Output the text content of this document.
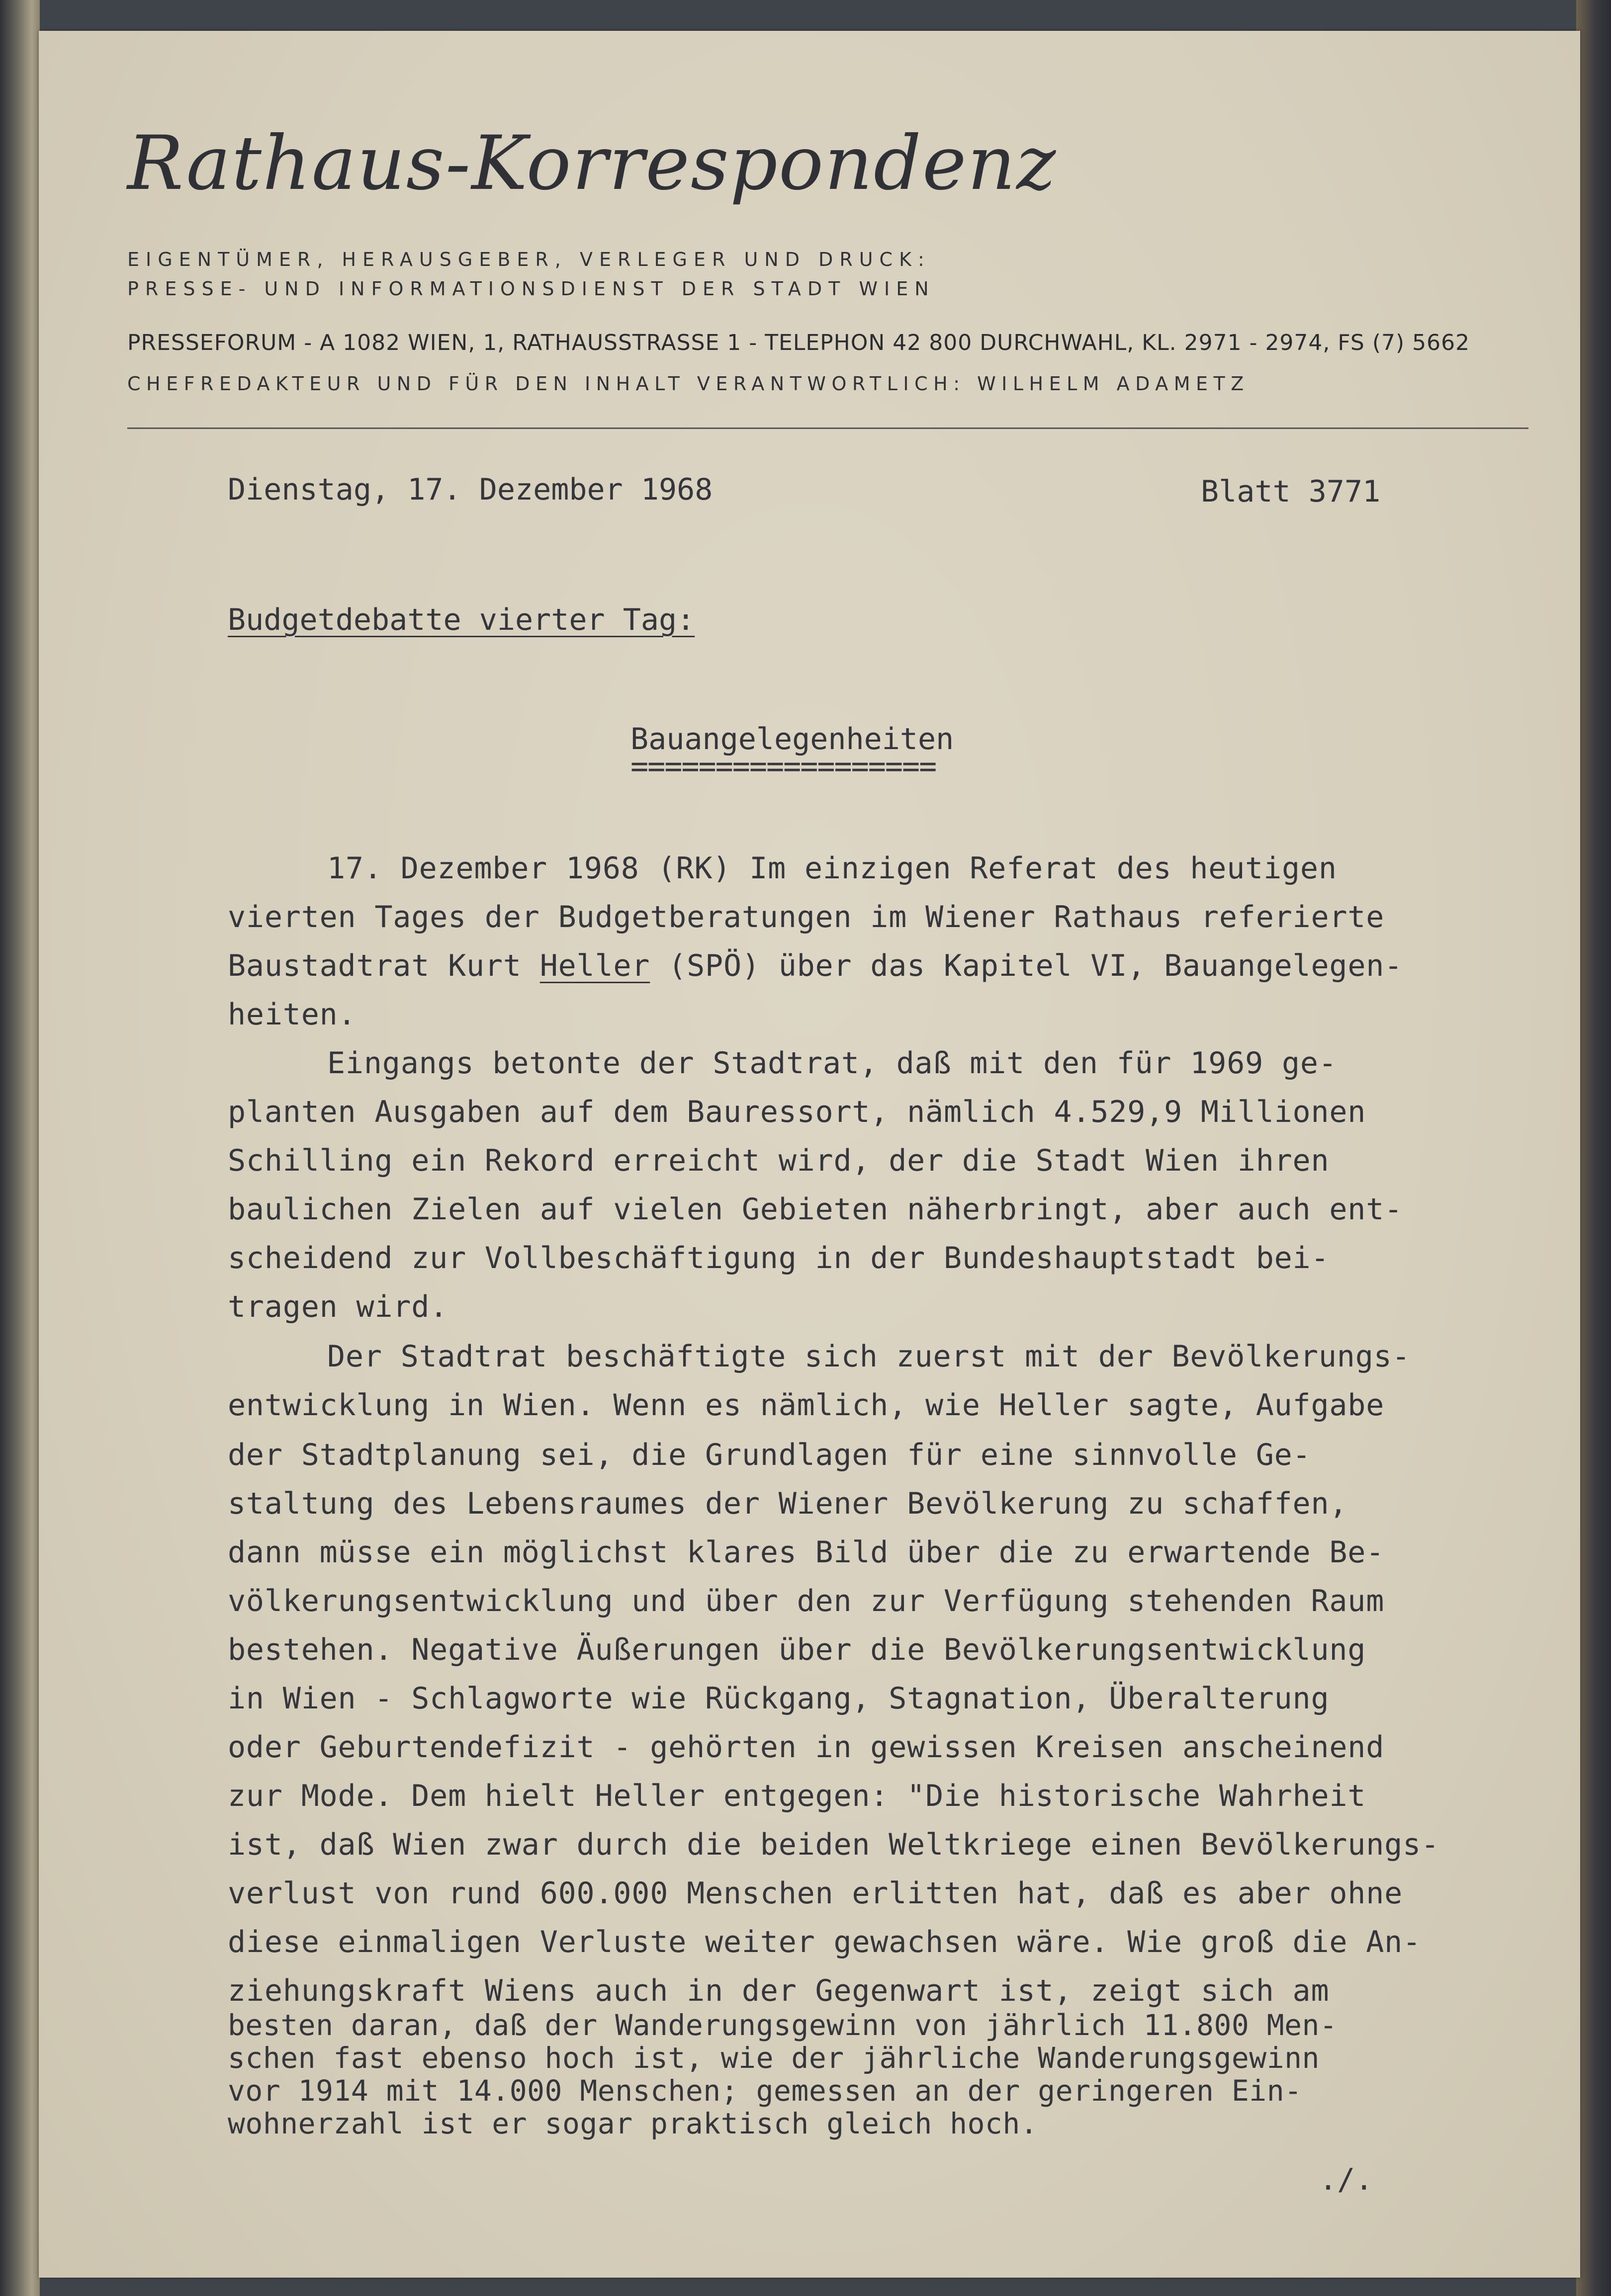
Rathaus-Korrespondenz
EIGENTÜMER, HERAUSGEBER, VERLEGER UND DRUCK:
PRESSE- UND INFORMATIONSDIENST DER STADT WIEN
PRESSEFORUM - A 1082 WIEN, 1, RATHAUSSTRASSE 1 - TELEPHON 42 800 DURCHWAHL, KL. 2971 - 2974, FS (7) 5662
CHEFREDAKTEUR UND FÜR DEN INHALT VERANTWORTLICH: WILHELM ADAMETZ
Dienstag, 17. Dezember 1968	Blatt 3771
Budgetdebatte vierter Tag:
Bauangelegenheiten
==================
17. Dezember 1968 (RK) Im einzigen Referat des heutigen
vierten Tages der Budgetberatungen im Wiener Rathaus referierte
Baustadtrat Kurt Heller (SPÖ) über das Kapitel VI, Bauangelegen-
heiten.
Eingangs betonte der Stadtrat, daß mit den für 1969 ge-
planten Ausgaben auf dem Bauressort, nämlich 4.529,9 Millionen
Schilling ein Rekord erreicht wird, der die Stadt Wien ihren
baulichen Zielen auf vielen Gebieten näherbringt, aber auch ent-
scheidend zur Vollbeschäftigung in der Bundeshauptstadt bei-
tragen wird.
Der Stadtrat beschäftigte sich zuerst mit der Bevölkerungs-
entwicklung in Wien. Wenn es nämlich, wie Heller sagte, Aufgabe
der Stadtplanung sei, die Grundlagen für eine sinnvolle Ge-
staltung des Lebensraumes der Wiener Bevölkerung zu schaffen,
dann müsse ein möglichst klares Bild über die zu erwartende Be-
völkerungsentwicklung und über den zur Verfügung stehenden Raum
bestehen. Negative Äußerungen über die Bevölkerungsentwicklung
in Wien - Schlagworte wie Rückgang, Stagnation, Überalterung
oder Geburtendefizit - gehörten in gewissen Kreisen anscheinend
zur Mode. Dem hielt Heller entgegen: "Die historische Wahrheit
ist, daß Wien zwar durch die beiden Weltkriege einen Bevölkerungs-
verlust von rund 600.000 Menschen erlitten hat, daß es aber ohne
diese einmaligen Verluste weiter gewachsen wäre. Wie groß die An-
ziehungskraft Wiens auch in der Gegenwart ist, zeigt sich am
besten daran, daß der Wanderungsgewinn von jährlich 11.800 Men-
schen fast ebenso hoch ist, wie der jährliche Wanderungsgewinn
vor 1914 mit 14.000 Menschen; gemessen an der geringeren Ein-
wohnerzahl ist er sogar praktisch gleich hoch.
./.
